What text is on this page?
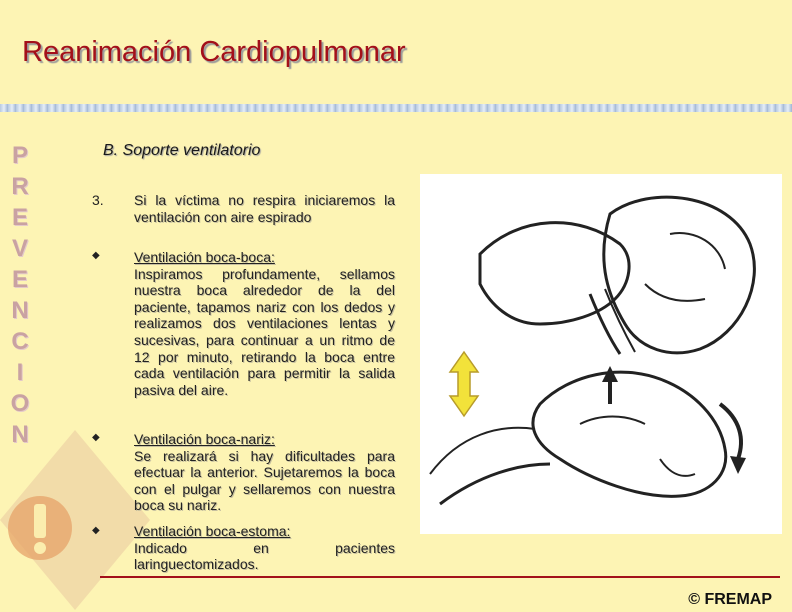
Reanimación Cardiopulmonar
P
R
E
V
E
N
C
I
O
N
B. Soporte ventilatorio
3. Si la víctima no respira iniciaremos la ventilación con aire espirado
◆ Ventilación boca-boca:
Inspiramos profundamente, sellamos nuestra boca alrededor de la del paciente, tapamos nariz con los dedos y realizamos dos ventilaciones lentas y sucesivas, para continuar a un ritmo de 12 por minuto, retirando la boca entre cada ventilación para permitir la salida pasiva del aire.
◆ Ventilación boca-nariz:
Se realizará si hay dificultades para efectuar la anterior. Sujetaremos la boca con el pulgar y sellaremos con nuestra boca su nariz.
◆ Ventilación boca-estoma:
Indicado en pacientes laringuectomizados.
© FREMAP
